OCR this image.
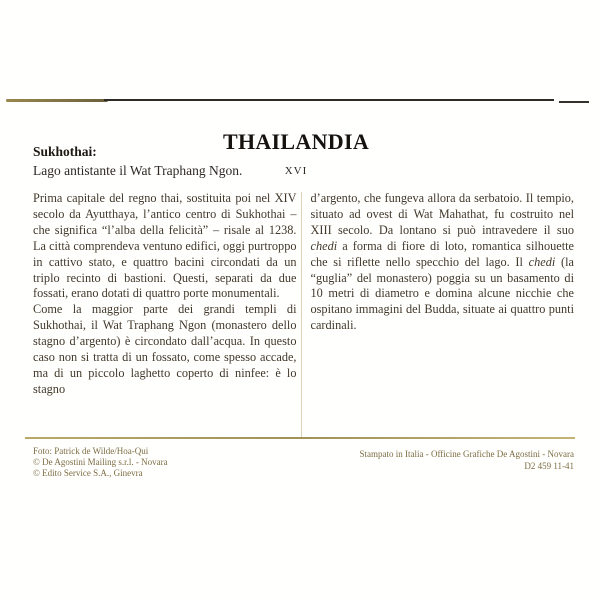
THAILANDIA
XVI
Sukhothai:
Lago antistante il Wat Traphang Ngon.

Prima capitale del regno thai, sostituita poi nel XIV secolo da Ayutthaya, l’antico centro di Sukhothai – che significa “l’alba della felicità” – risale al 1238. La città comprendeva ventuno edifici, oggi purtroppo in cattivo stato, e quattro bacini circondati da un triplo recinto di bastioni. Questi, separati da due fossati, erano dotati di quattro porte monumentali.

Come la maggior parte dei grandi templi di Sukhothai, il Wat Traphang Ngon (monastero dello stagno d’argento) è circondato dall’acqua. In questo caso non si tratta di un fossato, come spesso accade, ma di un piccolo laghetto coperto di ninfee: è lo stagno

d’argento, che fungeva allora da serbatoio. Il tempio, situato ad ovest di Wat Mahathat, fu costruito nel XIII secolo. Da lontano si può intravedere il suo chedi a forma di fiore di loto, romantica silhouette che si riflette nello specchio del lago. Il chedi (la “guglia” del monastero) poggia su un basamento di 10 metri di diametro e domina alcune nicchie che ospitano immagini del Budda, situate ai quattro punti cardinali.

Foto: Patrick de Wilde/Hoa-Qui
© De Agostini Mailing s.r.l. - Novara
© Edito Service S.A., Ginevra
Stampato in Italia - Officine Grafiche De Agostini - Novara
D2 459 11-41
